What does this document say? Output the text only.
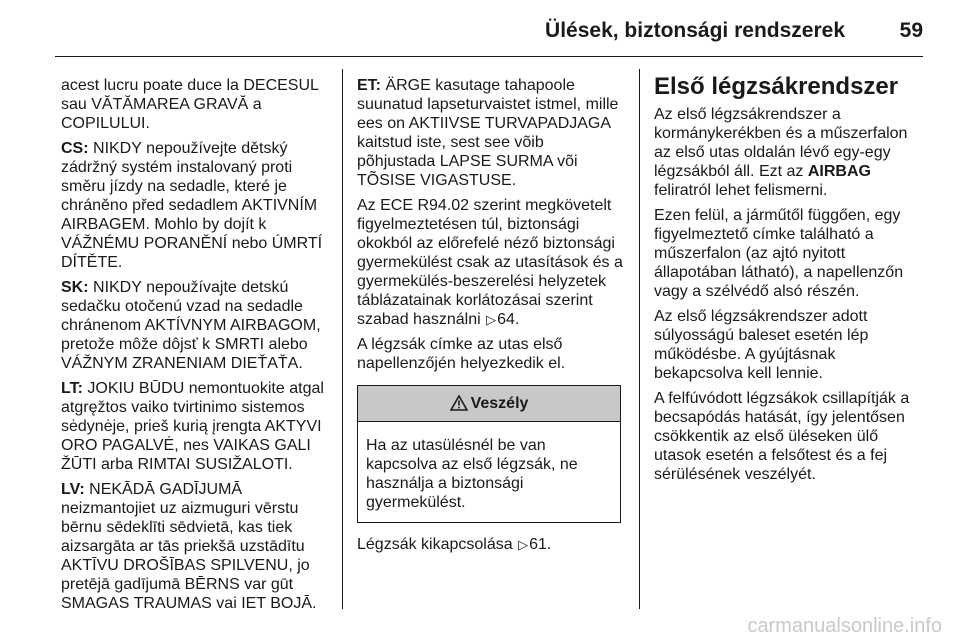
Ülések, biztonsági rendszerek	59

acest lucru poate duce la DECESUL
sau VĂTĂMAREA GRAVĂ a
COPILULUI.

CS: NIKDY nepoužívejte dětský
zádržný systém instalovaný proti
směru jízdy na sedadle, které je
chráněno před sedadlem AKTIVNÍM
AIRBAGEM. Mohlo by dojít k
VÁŽNÉMU PORANĚNÍ nebo ÚMRTÍ
DÍTĚTE.

SK: NIKDY nepoužívajte detskú
sedačku otočenú vzad na sedadle
chránenom AKTÍVNYM AIRBAGOM,
pretože môže dôjsť k SMRTI alebo
VÁŽNYM ZRANENIAM DIEŤAŤA.

LT: JOKIU BŪDU nemontuokite atgal
atgręžtos vaiko tvirtinimo sistemos
sėdynėje, prieš kurią įrengta AKTYVI
ORO PAGALVĖ, nes VAIKAS GALI
ŽŪTI arba RIMTAI SUSIŽALOTI.

LV: NEKĀDĀ GADĪJUMĀ
neizmantojiet uz aizmuguri vērstu
bērnu sēdeklīti sēdvietā, kas tiek
aizsargāta ar tās priekšā uzstādītu
AKTĪVU DROŠĪBAS SPILVENU, jo
pretējā gadījumā BĒRNS var gūt
SMAGAS TRAUMAS vai IET BOJĀ.

ET: ÄRGE kasutage tahapoole
suunatud lapseturvaistet istmel, mille
ees on AKTIIVSE TURVAPADJAGA
kaitstud iste, sest see võib
põhjustada LAPSE SURMA või
TÕSISE VIGASTUSE.

Az ECE R94.02 szerint megkövetelt
figyelmeztetésen túl, biztonsági
okokból az előrefelé néző biztonsági
gyermekülést csak az utasítások és a
gyermekülés-beszerelési helyzetek
táblázatainak korlátozásai szerint
szabad használni ▷64.

A légzsák címke az utas első
napellenzőjén helyezkedik el.

Veszély

Ha az utasülésnél be van
kapcsolva az első légzsák, ne
használja a biztonsági
gyermekülést.

Légzsák kikapcsolása ▷61.

Első légzsákrendszer

Az első légzsákrendszer a
kormánykerékben és a műszerfalon
az első utas oldalán lévő egy-egy
légzsákból áll. Ezt az AIRBAG
feliratról lehet felismerni.

Ezen felül, a járműtől függően, egy
figyelmeztető címke található a
műszerfalon (az ajtó nyitott
állapotában látható), a napellenzőn
vagy a szélvédő alsó részén.

Az első légzsákrendszer adott
súlyosságú baleset esetén lép
működésbe. A gyújtásnak
bekapcsolva kell lennie.

A felfúvódott légzsákok csillapítják a
becsapódás hatását, így jelentősen
csökkentik az első üléseken ülő
utasok esetén a felsőtest és a fej
sérülésének veszélyét.

carmanualsonline.info
